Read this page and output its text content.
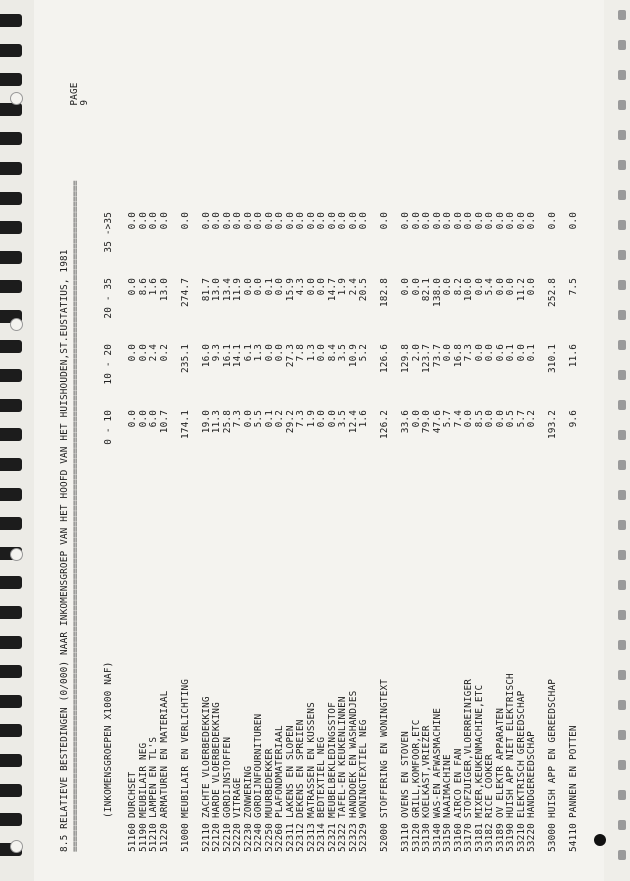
8.5 RELATIEVE BESTEDINGEN (0/000) NAAR INKOMENSGROEP VAN HET HOOFD VAN HET HUISHOUDEN,ST.EUSTATIUS, 1981

PAGE
9

================================================================================================================================

(INKOMENSGROEPEN X1000 NAF)

0 - 10

10 - 20

20 - 35

35 ->35

51160
DURCHSET
0.0
0.0
0.0
0.0
51190
MEUBILAIR NEG
0.0
0.0
8.6
0.0
51210
LAMPEN EN TL'S
6.0
2.4
1.6
0.0
51220
ARMATUREN EN MATERIAAL
10.7
0.2
13.0
0.0
51000
MEUBILAIR EN VERLICHTING
174.1
235.1
274.7
0.0
52110
ZACHTE VLOERBEDEKKING
19.0
16.0
81.7
0.0
52120
HARDE VLOERBEDEKKING
11.3
9.3
13.0
0.0
52210
GORDIJNSTOFFEN
25.8
16.1
13.4
0.0
52220
VITRAGE
7.3
14.1
11.9
0.0
52230
ZONWERING
0.0
6.1
0.0
0.0
52240
GORDIJNFOURNITUREN
5.5
1.3
0.0
0.0
52250
MUURBEDEKKER
0.1
0.0
0.1
0.0
52260
PLAFONDMATERIAAL
0.2
0.0
0.0
0.0
52311
LAKENS EN SLOPEN
29.2
27.3
15.9
0.0
52312
DEKENS EN SPREIEN
7.3
7.8
4.3
0.0
52313
MATRASSEN EN KUSSENS
1.9
1.3
0.0
0.0
52314
BEDTEXTIEL NEG
0.0
0.0
0.0
0.0
52321
MEUBELBEKLEDINGSSTOF
0.0
8.4
14.7
0.0
52322
TAFEL-EN KEUKENLINNEN
3.5
3.5
1.9
0.0
52323
HANDDOEK EN WASHANDJES
12.4
10.9
2.4
0.0
52329
WONINGTEXTIEL NEG
1.6
5.2
20.5
0.0
52000
STOFFERING EN WONINGTEXT
126.2
126.6
182.8
0.0
53110
OVENS EN STOVEN
33.6
129.8
0.0
0.0
53120
GRILL,KOMFOOR,ETC
0.0
2.0
0.0
0.0
53130
KOELKAST,VRIEZER
79.0
123.7
82.1
0.0
53140
WAS-EN AFWASMACHINE
47.6
73.7
138.0
0.0
53150
NAAIMACHINE
5.7
0.0
0.0
0.0
53160
AIRCO EN FAN
7.4
16.8
8.2
0.0
53170
STOFZUIGER,VLOERREINIGER
0.0
7.3
10.0
0.0
53181
MIXER,KEUKENMACHINE,ETC
8.5
0.0
0.0
0.0
53182
RICE COOKER
0.0
0.0
5.4
0.0
53189
OV ELEKTR APPARATEN
0.0
0.6
0.0
0.0
53190
HUISH APP NIET ELEKTRISCH
0.5
0.1
0.0
0.0
53210
ELEKTRISCH GEREEDSCHAP
5.7
0.0
11.2
0.0
53220
HANDGEREEDSCHAP
0.2
0.1
0.0
0.0
53000
HUISH APP EN GEREEDSCHAP
193.2
310.1
252.8
0.0
54110
PANNEN EN POTTEN
9.6
11.6
7.5
0.0
